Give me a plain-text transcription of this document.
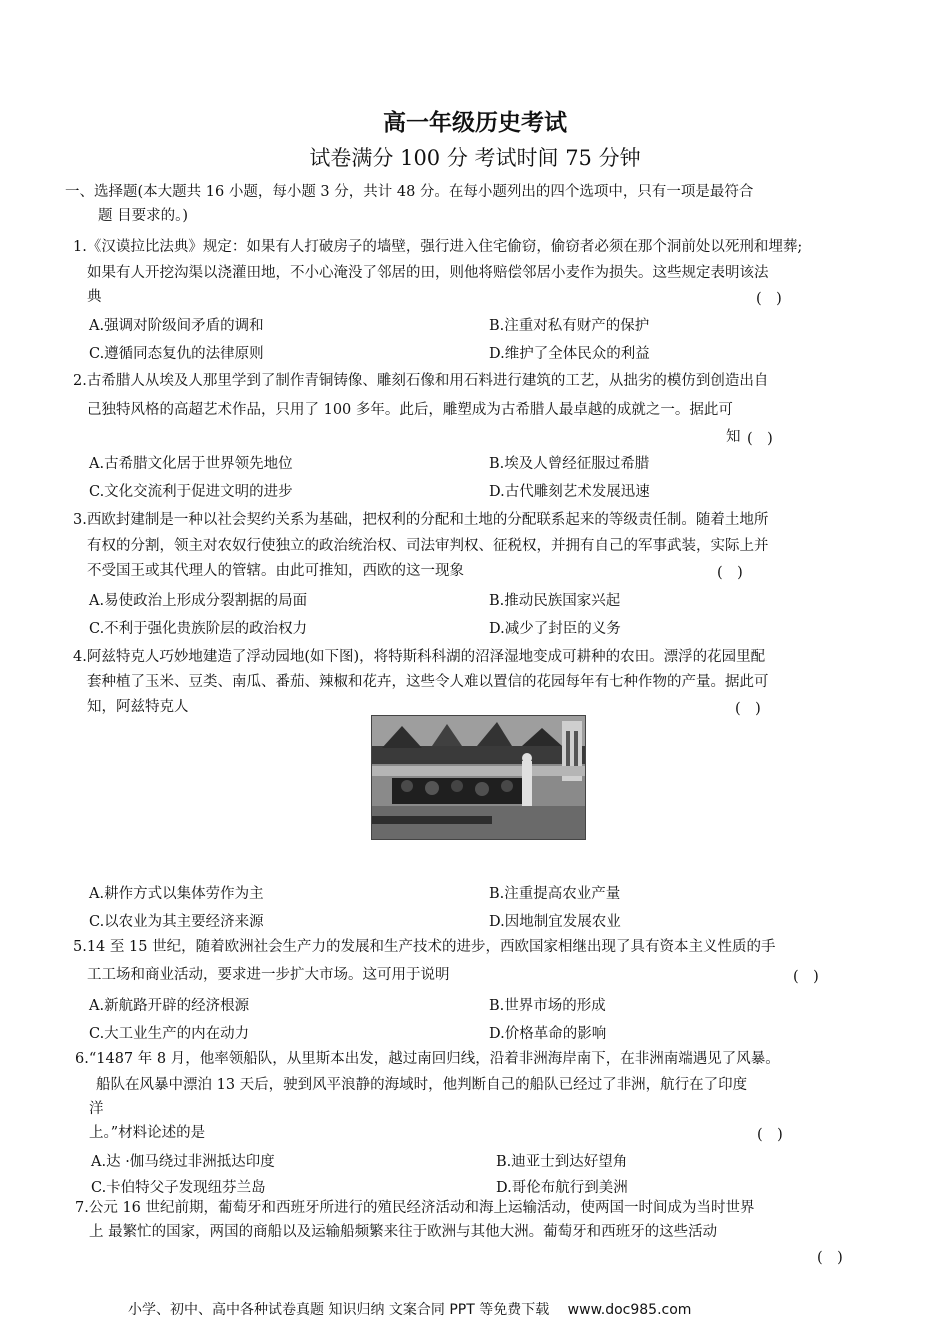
高一年级历史考试
试卷满分 100 分 考试时间 75 分钟
一、选择题(本大题共 16 小题，每小题 3 分，共计 48 分。在每小题列出的四个选项中，只有一项是最符合
题 目要求的。)
1.《汉谟拉比法典》规定：如果有人打破房子的墙壁，强行进入住宅偷窃，偷窃者必须在那个洞前处以死刑和埋葬;
如果有人开挖沟渠以浇灌田地，不小心淹没了邻居的田，则他将赔偿邻居小麦作为损失。这些规定表明该法
典	(　)
A.强调对阶级间矛盾的调和	B.注重对私有财产的保护
C.遵循同态复仇的法律原则	D.维护了全体民众的利益
2.古希腊人从埃及人那里学到了制作青铜铸像、雕刻石像和用石料进行建筑的工艺，从拙劣的模仿到创造出自
己独特风格的高超艺术作品，只用了 100 多年。此后，雕塑成为古希腊人最卓越的成就之一。据此可
知 (　)
A.古希腊文化居于世界领先地位	B.埃及人曾经征服过希腊
C.文化交流利于促进文明的进步	D.古代雕刻艺术发展迅速
3.西欧封建制是一种以社会契约关系为基础，把权利的分配和土地的分配联系起来的等级责任制。随着土地所
有权的分割，领主对农奴行使独立的政治统治权、司法审判权、征税权，并拥有自己的军事武装，实际上并
不受国王或其代理人的管辖。由此可推知，西欧的这一现象	(　)
A.易使政治上形成分裂割据的局面	B.推动民族国家兴起
C.不利于强化贵族阶层的政治权力	D.减少了封臣的义务
4.阿兹特克人巧妙地建造了浮动园地(如下图)，将特斯科科湖的沼泽湿地变成可耕种的农田。漂浮的花园里配
套种植了玉米、豆类、南瓜、番茄、辣椒和花卉，这些令人难以置信的花园每年有七种作物的产量。据此可
知，阿兹特克人	(　)
A.耕作方式以集体劳作为主	B.注重提高农业产量
C.以农业为其主要经济来源	D.因地制宜发展农业
5.14 至 15 世纪，随着欧洲社会生产力的发展和生产技术的进步，西欧国家相继出现了具有资本主义性质的手
工工场和商业活动，要求进一步扩大市场。这可用于说明	(　)
A.新航路开辟的经济根源	B.世界市场的形成
C.大工业生产的内在动力	D.价格革命的影响
6.“1487 年 8 月，他率领船队，从里斯本出发，越过南回归线，沿着非洲海岸南下，在非洲南端遇见了风暴。
船队在风暴中漂泊 13 天后，驶到风平浪静的海域时，他判断自己的船队已经过了非洲，航行在了印度
洋
上。”材料论述的是	(　)
A.达 ·伽马绕过非洲抵达印度	B.迪亚士到达好望角
C.卡伯特父子发现纽芬兰岛	D.哥伦布航行到美洲
7.公元 16 世纪前期，葡萄牙和西班牙所进行的殖民经济活动和海上运输活动，使两国一时间成为当时世界
上 最繁忙的国家，两国的商船以及运输船频繁来往于欧洲与其他大洲。葡萄牙和西班牙的这些活动
(　)
小学、初中、高中各种试卷真题 知识归纳 文案合同 PPT 等免费下载　 www.doc985.com
